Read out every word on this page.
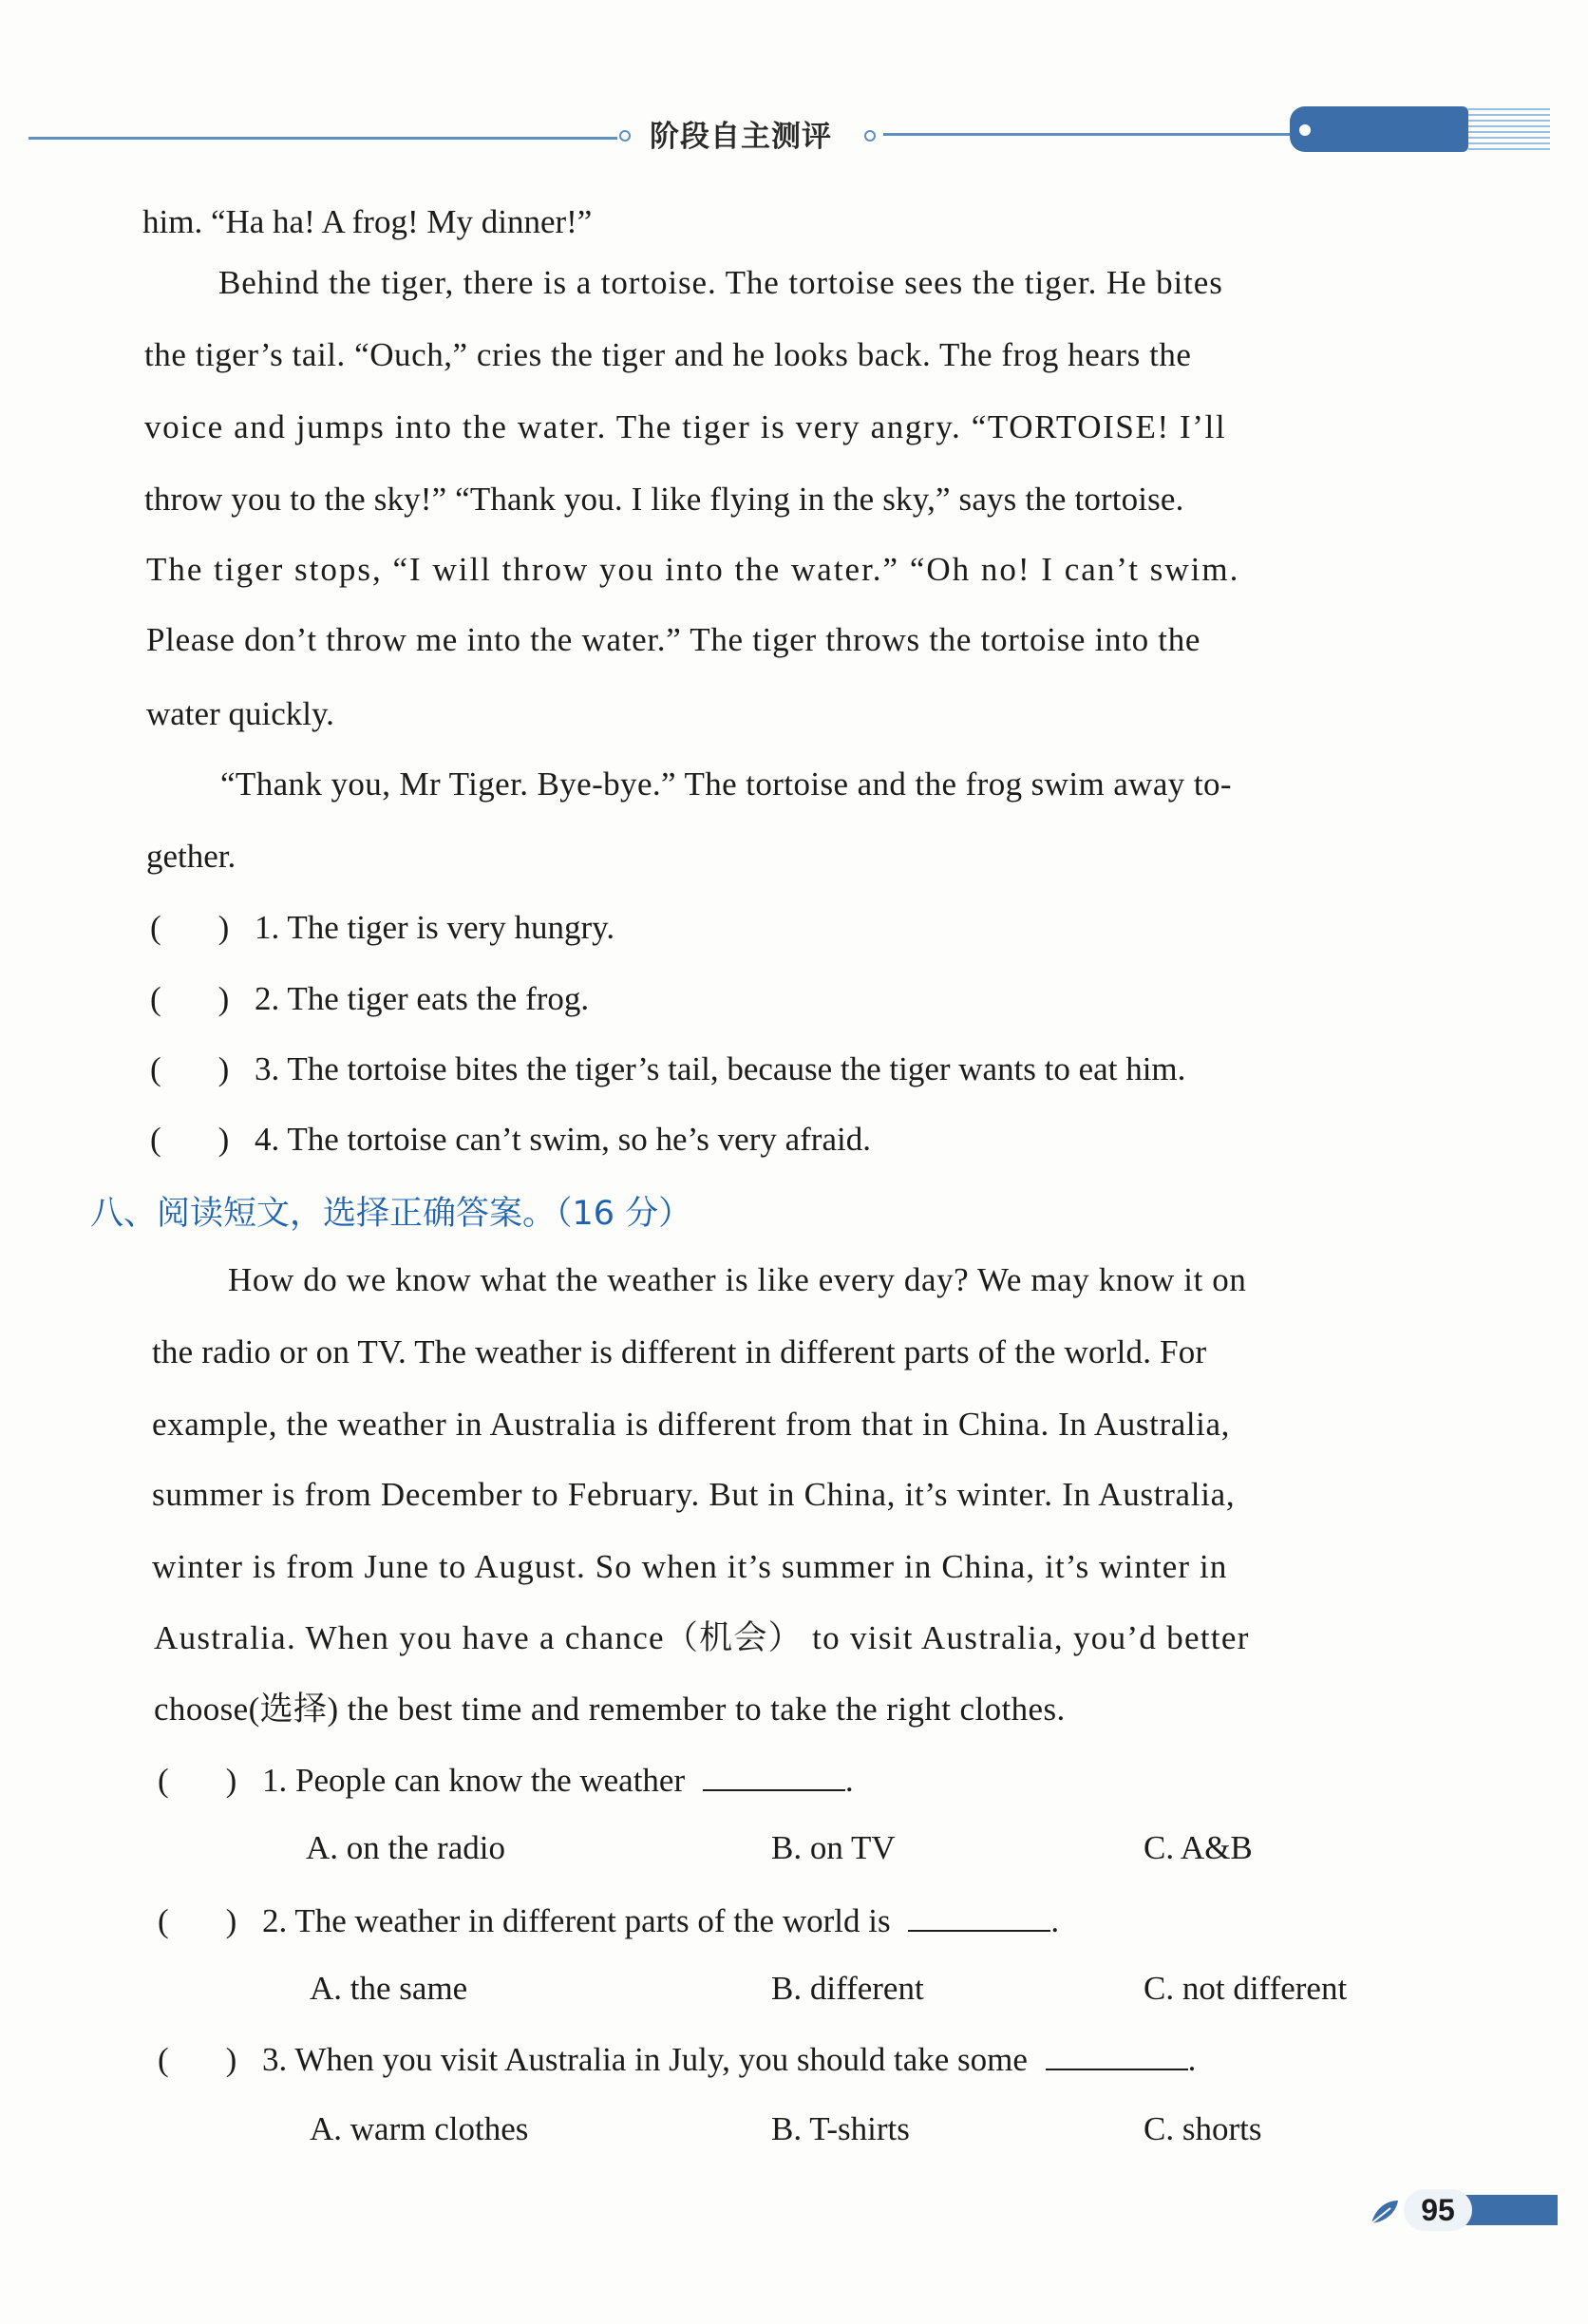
阶段自主测评
him. “Ha ha! A frog! My dinner!”
Behind the tiger, there is a tortoise. The tortoise sees the tiger. He bites
the tiger’s tail. “Ouch,” cries the tiger and he looks back. The frog hears the
voice and jumps into the water. The tiger is very angry. “TORTOISE! I’ll
throw you to the sky!” “Thank you. I like flying in the sky,” says the tortoise.
The tiger stops, “I will throw you into the water.” “Oh no! I can’t swim.
Please don’t throw me into the water.” The tiger throws the tortoise into the
water quickly.
“Thank you, Mr Tiger. Bye-bye.” The tortoise and the frog swim away to-
gether.
( ) 1. The tiger is very hungry.
( ) 2. The tiger eats the frog.
( ) 3. The tortoise bites the tiger’s tail, because the tiger wants to eat him.
( ) 4. The tortoise can’t swim, so he’s very afraid.
八、阅读短文，选择正确答案。（16 分）
How do we know what the weather is like every day? We may know it on
the radio or on TV. The weather is different in different parts of the world. For
example, the weather in Australia is different from that in China. In Australia,
summer is from December to February. But in China, it’s winter. In Australia,
winter is from June to August. So when it’s summer in China, it’s winter in
Australia. When you have a chance（机会） to visit Australia, you’d better
choose(选择) the best time and remember to take the right clothes.
( ) 1. People can know the weather	.
A. on the radio	B. on TV	C. A&B
( ) 2. The weather in different parts of the world is	.
A. the same	B. different	C. not different
( ) 3. When you visit Australia in July, you should take some	.
A. warm clothes	B. T-shirts	C. shorts
95
